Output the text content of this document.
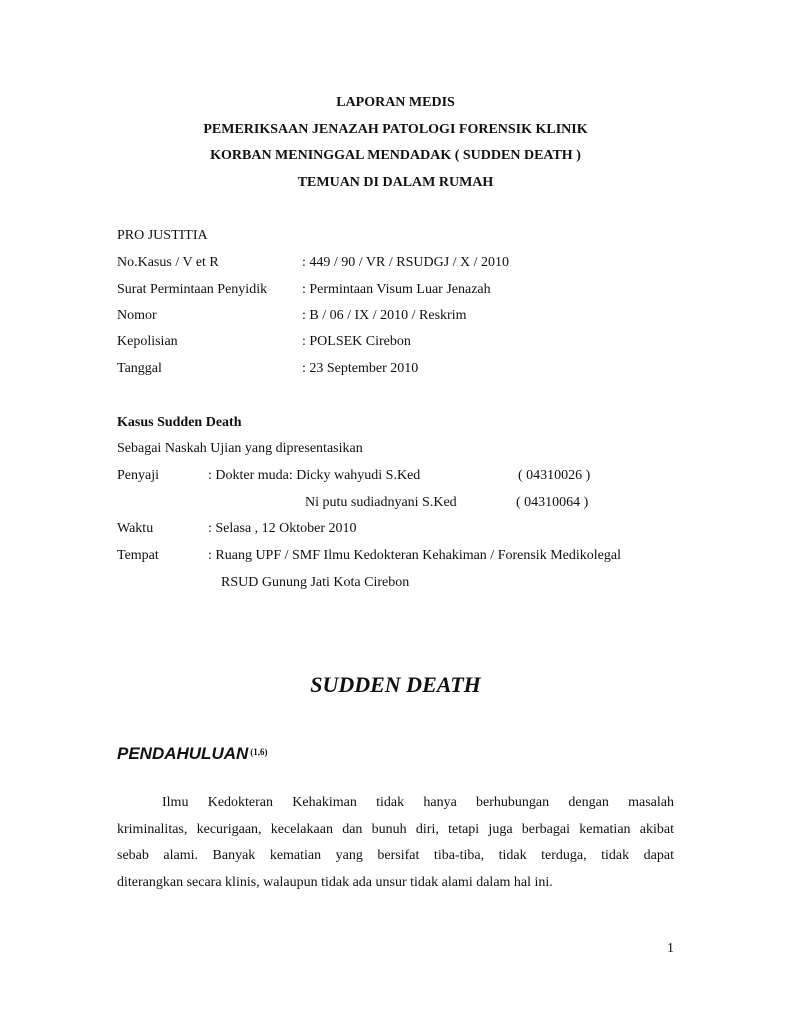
LAPORAN MEDIS
PEMERIKSAAN JENAZAH PATOLOGI FORENSIK KLINIK
KORBAN MENINGGAL MENDADAK ( SUDDEN DEATH )
TEMUAN DI DALAM RUMAH
PRO JUSTITIA
No.Kasus / V et R	: 449 / 90 / VR / RSUDGJ / X / 2010
Surat Permintaan Penyidik : Permintaan Visum Luar Jenazah
Nomor	: B / 06 / IX / 2010 / Reskrim
Kepolisian	: POLSEK Cirebon
Tanggal	: 23 September 2010
Kasus Sudden Death
Sebagai Naskah Ujian yang dipresentasikan
Penyaji	: Dokter muda: Dicky wahyudi S.Ked	( 04310026 )
Ni putu sudiadnyani S.Ked	( 04310064 )
Waktu	: Selasa , 12 Oktober 2010
Tempat	: Ruang UPF / SMF Ilmu Kedokteran Kehakiman / Forensik Medikolegal
RSUD Gunung Jati Kota Cirebon
SUDDEN DEATH
PENDAHULUAN $^{(1,6)}$
Ilmu Kedokteran Kehakiman tidak hanya berhubungan dengan masalah
kriminalitas, kecurigaan, kecelakaan dan bunuh diri, tetapi juga berbagai kematian akibat
sebab alami. Banyak kematian yang bersifat tiba-tiba, tidak terduga, tidak dapat
diterangkan secara klinis, walaupun tidak ada unsur tidak alami dalam hal ini.
1
